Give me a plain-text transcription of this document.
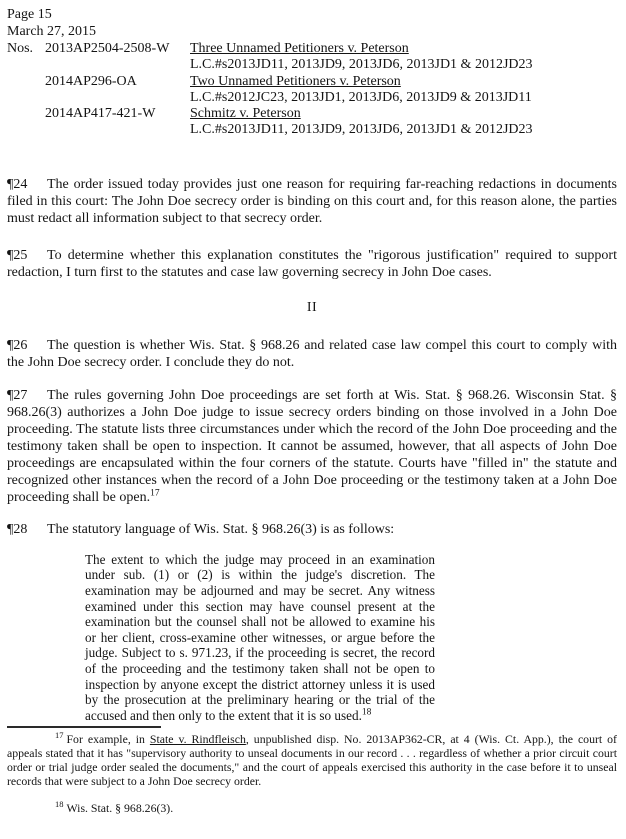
Page 15
March 27, 2015
Nos. 2013AP2504-2508-W	Three Unnamed Petitioners v. Peterson
L.C.#s2013JD11, 2013JD9, 2013JD6, 2013JD1 & 2012JD23
2014AP296-OA	Two Unnamed Petitioners v. Peterson
L.C.#s2012JC23, 2013JD1, 2013JD6, 2013JD9 & 2013JD11
2014AP417-421-W	Schmitz v. Peterson
L.C.#s2013JD11, 2013JD9, 2013JD6, 2013JD1 & 2012JD23

¶24 The order issued today provides just one reason for requiring far-reaching redactions in documents filed in this court: The John Doe secrecy order is binding on this court and, for this reason alone, the parties must redact all information subject to that secrecy order.

¶25 To determine whether this explanation constitutes the "rigorous justification" required to support redaction, I turn first to the statutes and case law governing secrecy in John Doe cases.

II

¶26 The question is whether Wis. Stat. § 968.26 and related case law compel this court to comply with the John Doe secrecy order. I conclude they do not.

¶27 The rules governing John Doe proceedings are set forth at Wis. Stat. § 968.26. Wisconsin Stat. § 968.26(3) authorizes a John Doe judge to issue secrecy orders binding on those involved in a John Doe proceeding. The statute lists three circumstances under which the record of the John Doe proceeding and the testimony taken shall be open to inspection. It cannot be assumed, however, that all aspects of John Doe proceedings are encapsulated within the four corners of the statute. Courts have "filled in" the statute and recognized other instances when the record of a John Doe proceeding or the testimony taken at a John Doe proceeding shall be open.$^{17}$

¶28 The statutory language of Wis. Stat. § 968.26(3) is as follows:

The extent to which the judge may proceed in an examination under sub. (1) or (2) is within the judge's discretion. The examination may be adjourned and may be secret. Any witness examined under this section may have counsel present at the examination but the counsel shall not be allowed to examine his or her client, cross-examine other witnesses, or argue before the judge. Subject to s. 971.23, if the proceeding is secret, the record of the proceeding and the testimony taken shall not be open to inspection by anyone except the district attorney unless it is used by the prosecution at the preliminary hearing or the trial of the accused and then only to the extent that it is so used.$^{18}$

$^{17}$ For example, in State v. Rindfleisch, unpublished disp. No. 2013AP362-CR, at 4 (Wis. Ct. App.), the court of appeals stated that it has "supervisory authority to unseal documents in our record . . . regardless of whether a prior circuit court order or trial judge order sealed the documents," and the court of appeals exercised this authority in the case before it to unseal records that were subject to a John Doe secrecy order.

$^{18}$ Wis. Stat. § 968.26(3).
